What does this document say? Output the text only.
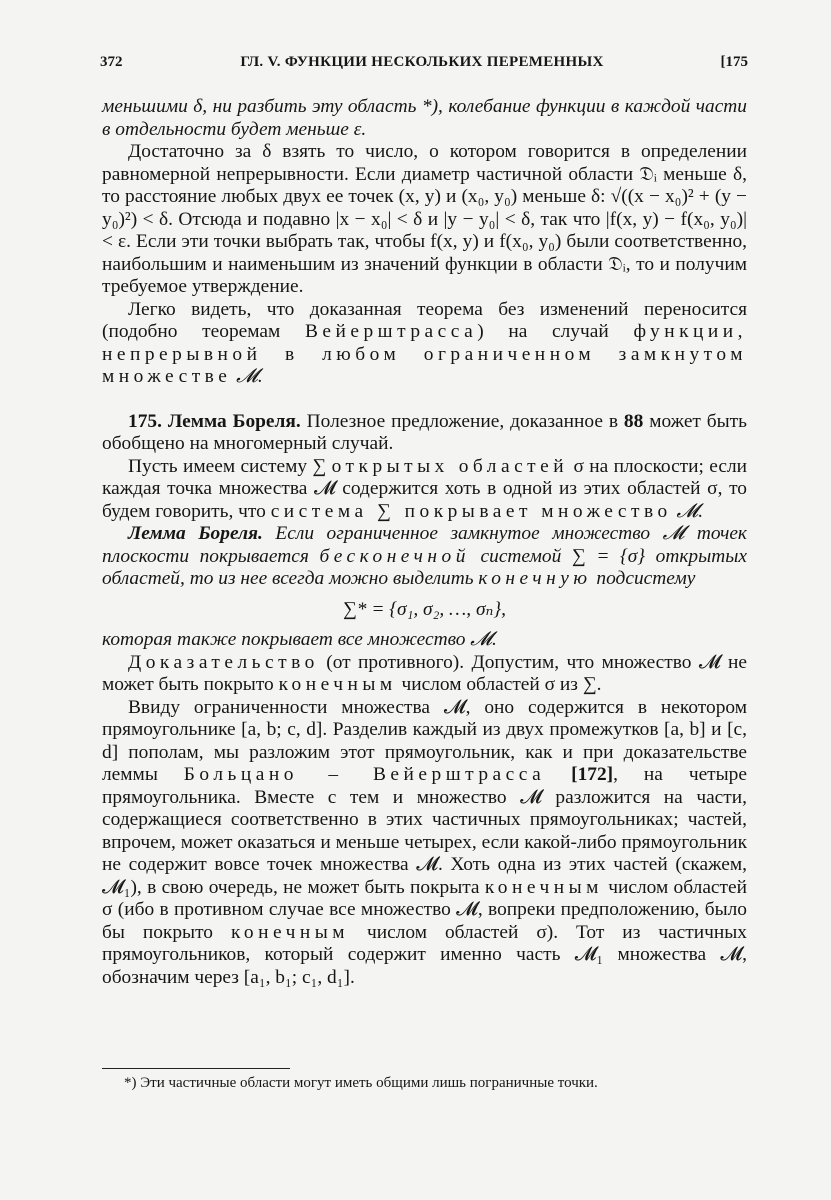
372	ГЛ. V. ФУНКЦИИ НЕСКОЛЬКИХ ПЕРЕМЕННЫХ	[175

меньшими δ, ни разбить эту область *), колебание функции в каждой части в отдельности будет меньше ε.

Достаточно за δ взять то число, о котором говорится в определении равномерной непрерывности. Если диаметр частичной области 𝔇ᵢ меньше δ, то расстояние любых двух ее точек (x, y) и (x₀, y₀) меньше δ: √((x − x₀)² + (y − y₀)²) < δ. Отсюда и подавно |x − x₀| < δ и |y − y₀| < δ, так что |f(x, y) − f(x₀, y₀)| < ε. Если эти точки выбрать так, чтобы f(x, y) и f(x₀, y₀) были соответственно, наибольшим и наименьшим из значений функции в области 𝔇ᵢ, то и получим требуемое утверждение.

Легко видеть, что доказанная теорема без изменений переносится (подобно теоремам Вейерштрасса) на случай функции, непрерывной в любом ограниченном замкнутом множестве 𝓜.

175. Лемма Бореля. Полезное предложение, доказанное в 88 может быть обобщено на многомерный случай.

Пусть имеем систему ∑ открытых областей σ на плоскости; если каждая точка множества 𝓜 содержится хоть в одной из этих областей σ, то будем говорить, что система ∑ покрывает множество 𝓜.

Лемма Бореля. Если ограниченное замкнутое множество 𝓜 точек плоскости покрывается бесконечной системой ∑ = {σ} открытых областей, то из нее всегда можно выделить конечную подсистему

∑* = {σ₁, σ₂, …, σₙ},

которая также покрывает все множество 𝓜.

Доказательство (от противного). Допустим, что множество 𝓜 не может быть покрыто конечным числом областей σ из ∑.

Ввиду ограниченности множества 𝓜, оно содержится в некотором прямоугольнике [a, b; c, d]. Разделив каждый из двух промежутков [a, b] и [c, d] пополам, мы разложим этот прямоугольник, как и при доказательстве леммы Больцано – Вейерштрасса [172], на четыре прямоугольника. Вместе с тем и множество 𝓜 разложится на части, содержащиеся соответственно в этих частичных прямоугольниках; частей, впрочем, может оказаться и меньше четырех, если какой-либо прямоугольник не содержит вовсе точек множества 𝓜. Хоть одна из этих частей (скажем, 𝓜₁), в свою очередь, не может быть покрыта конечным числом областей σ (ибо в противном случае все множество 𝓜, вопреки предположению, было бы покрыто конечным числом областей σ). Тот из частичных прямоугольников, который содержит именно часть 𝓜₁ множества 𝓜, обозначим через [a₁, b₁; c₁, d₁].

*) Эти частичные области могут иметь общими лишь пограничные точки.
